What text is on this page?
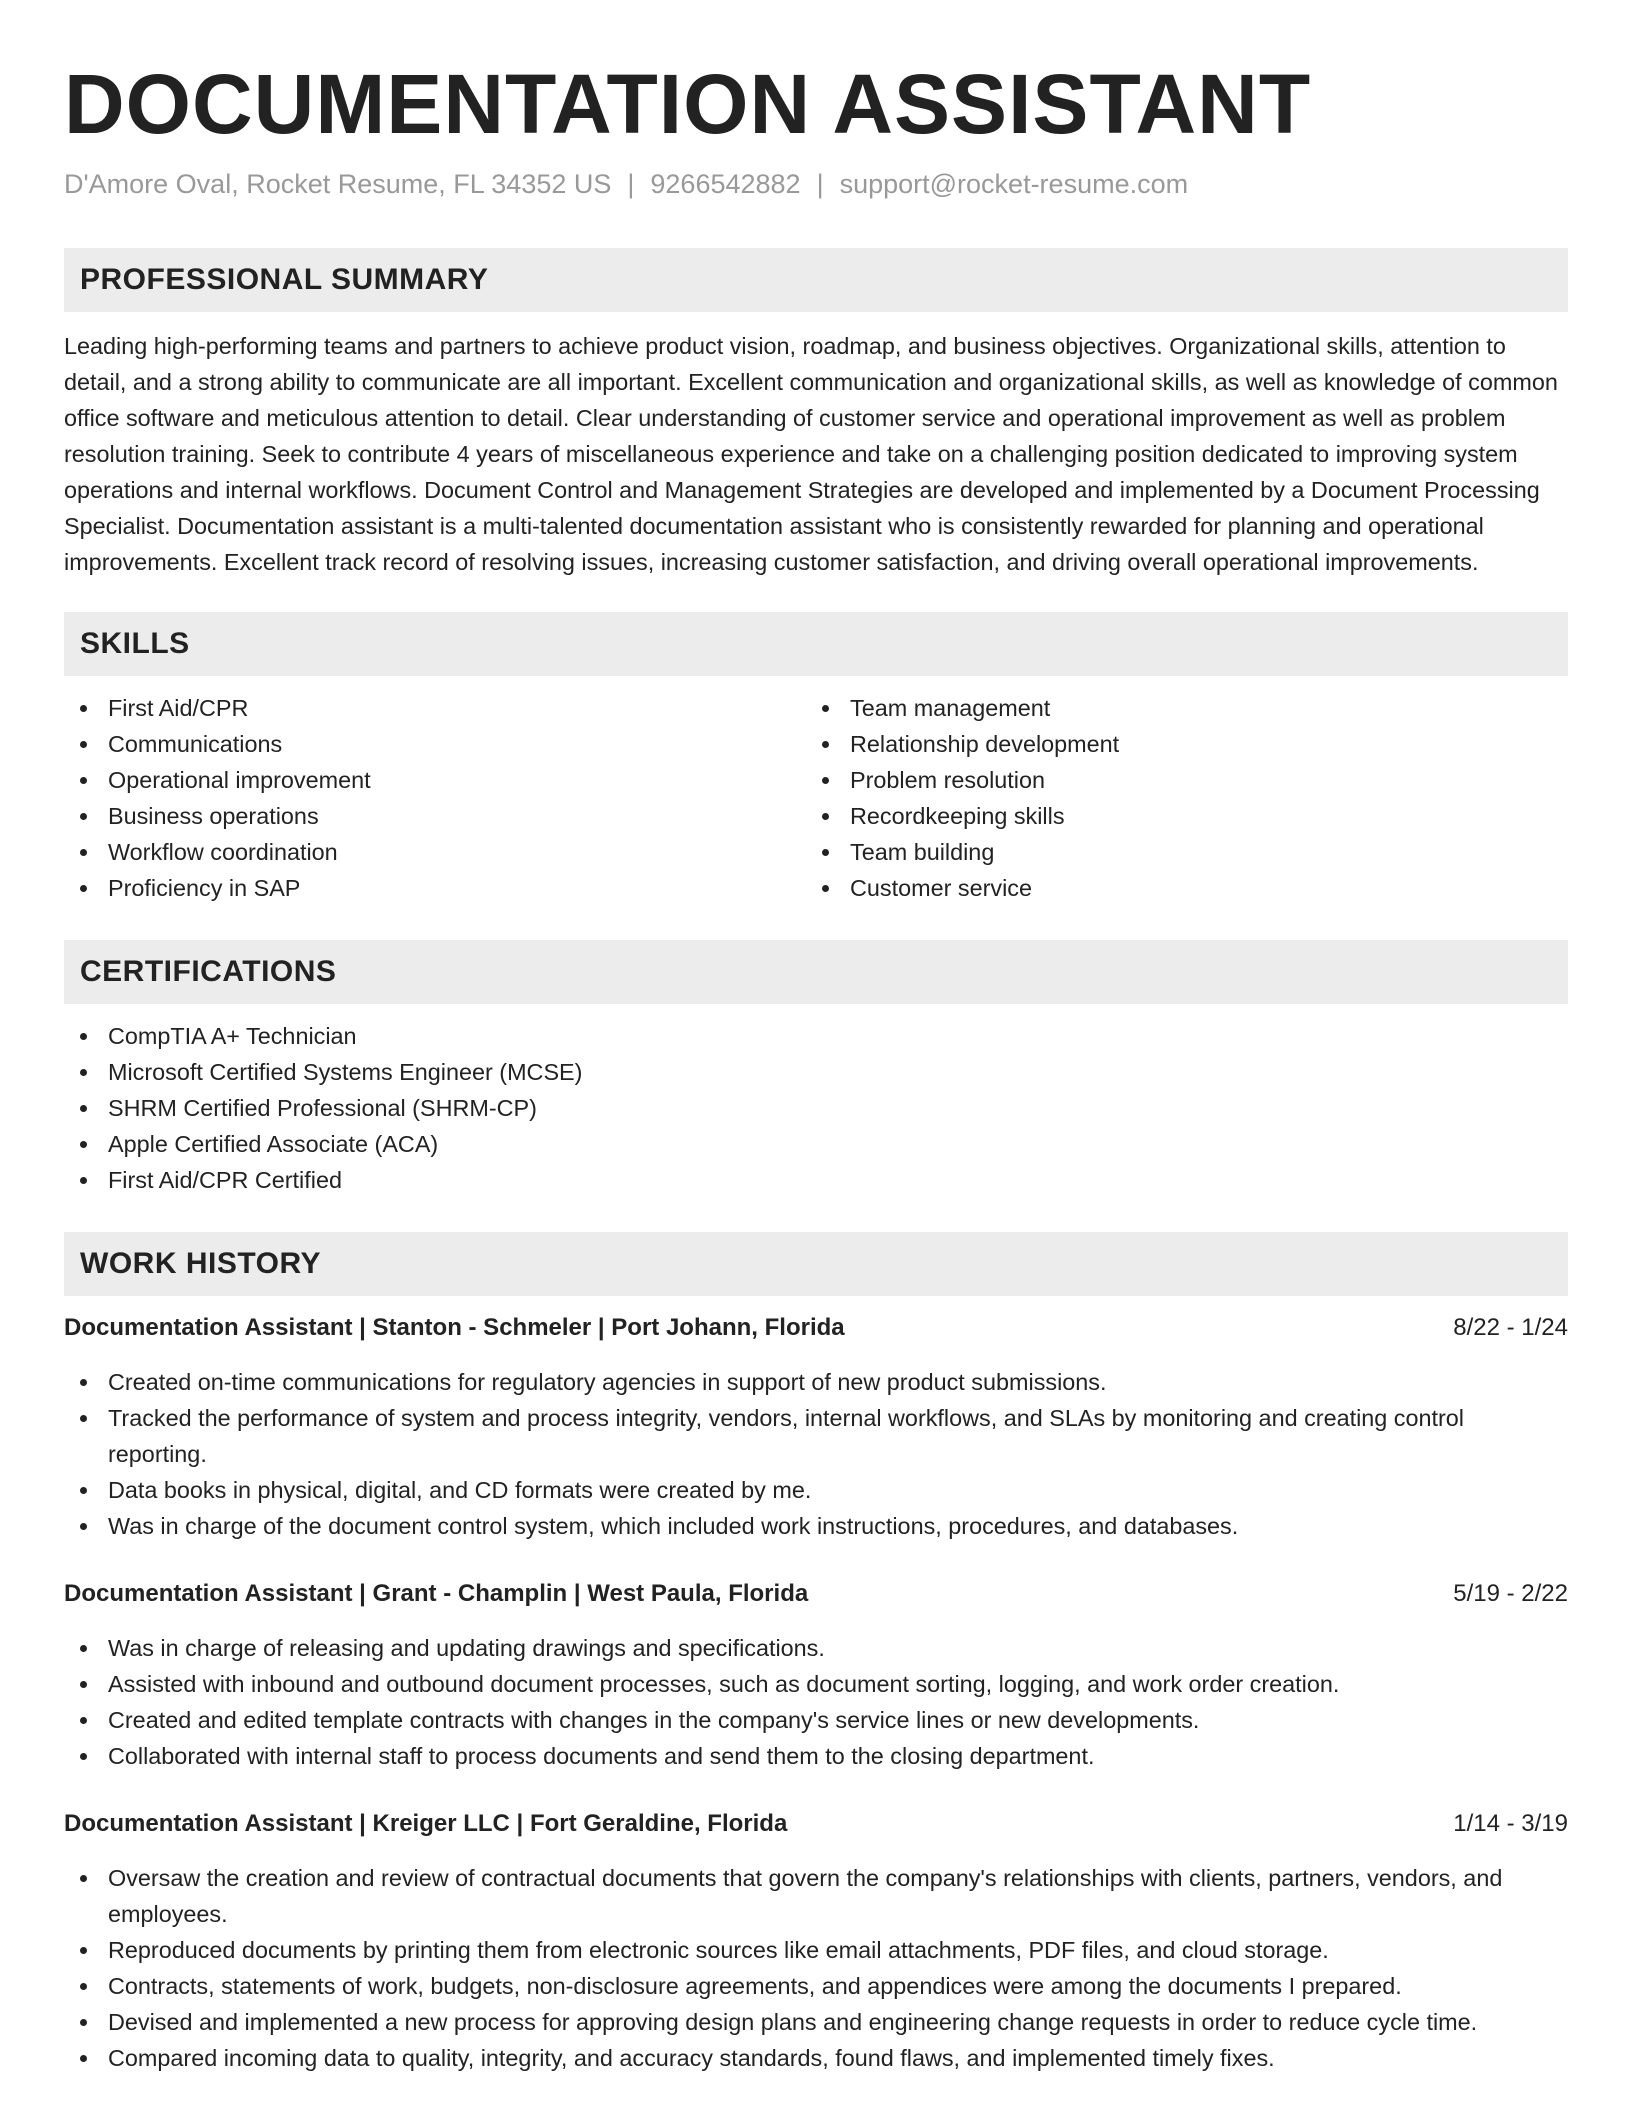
DOCUMENTATION ASSISTANT
D'Amore Oval, Rocket Resume, FL 34352 US | 9266542882 | support@rocket-resume.com
PROFESSIONAL SUMMARY
Leading high-performing teams and partners to achieve product vision, roadmap, and business objectives. Organizational skills, attention to detail, and a strong ability to communicate are all important. Excellent communication and organizational skills, as well as knowledge of common office software and meticulous attention to detail. Clear understanding of customer service and operational improvement as well as problem resolution training. Seek to contribute 4 years of miscellaneous experience and take on a challenging position dedicated to improving system operations and internal workflows. Document Control and Management Strategies are developed and implemented by a Document Processing Specialist. Documentation assistant is a multi-talented documentation assistant who is consistently rewarded for planning and operational improvements. Excellent track record of resolving issues, increasing customer satisfaction, and driving overall operational improvements.
SKILLS
First Aid/CPR
Communications
Operational improvement
Business operations
Workflow coordination
Proficiency in SAP
Team management
Relationship development
Problem resolution
Recordkeeping skills
Team building
Customer service
CERTIFICATIONS
CompTIA A+ Technician
Microsoft Certified Systems Engineer (MCSE)
SHRM Certified Professional (SHRM-CP)
Apple Certified Associate (ACA)
First Aid/CPR Certified
WORK HISTORY
Documentation Assistant | Stanton - Schmeler | Port Johann, Florida	8/22 - 1/24
Created on-time communications for regulatory agencies in support of new product submissions.
Tracked the performance of system and process integrity, vendors, internal workflows, and SLAs by monitoring and creating control reporting.
Data books in physical, digital, and CD formats were created by me.
Was in charge of the document control system, which included work instructions, procedures, and databases.
Documentation Assistant | Grant - Champlin | West Paula, Florida	5/19 - 2/22
Was in charge of releasing and updating drawings and specifications.
Assisted with inbound and outbound document processes, such as document sorting, logging, and work order creation.
Created and edited template contracts with changes in the company's service lines or new developments.
Collaborated with internal staff to process documents and send them to the closing department.
Documentation Assistant | Kreiger LLC | Fort Geraldine, Florida	1/14 - 3/19
Oversaw the creation and review of contractual documents that govern the company's relationships with clients, partners, vendors, and employees.
Reproduced documents by printing them from electronic sources like email attachments, PDF files, and cloud storage.
Contracts, statements of work, budgets, non-disclosure agreements, and appendices were among the documents I prepared.
Devised and implemented a new process for approving design plans and engineering change requests in order to reduce cycle time.
Compared incoming data to quality, integrity, and accuracy standards, found flaws, and implemented timely fixes.
